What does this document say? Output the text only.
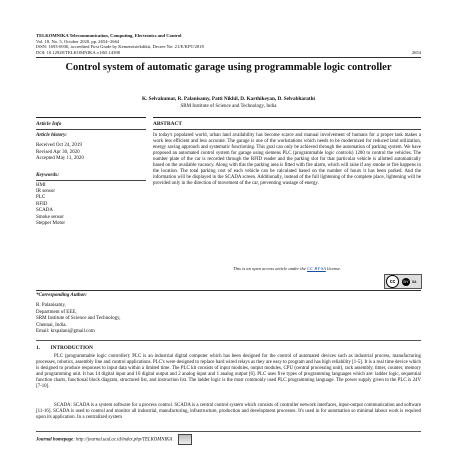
TELKOMNIKA Telecommunication, Computing, Electronics and Control
Vol. 18, No. 5, October 2020, pp. 2654~2664
ISSN: 1693-6930, accredited First Grade by Kemenristekdikti, Decree No: 21/E/KPT/2018
DOI: 10.12928/TELKOMNIKA.v18i5.14398	2654
Control system of automatic garage using programmable logic controller
K. Selvakumar, R. Palanisamy, Patti Nikhil, D. Karthikeyan, D. Selvabharathi
SRM Institute of Science and Technology, India
Article Info
Article history:
Received Oct 24, 2019
Revised Apr 30, 2020
Accepted May 11, 2020
Keywords:
HMI
IR sensor
PLC
RFID
SCADA
Smoke sensor
Stepper Motor
ABSTRACT
In today's populated world, urban land availability has become scarce and manual involvement of humans for a proper task makes a work less efficient and less accurate. The garage is one of the workstations which needs to be modernized for reduced land utilization, energy saving approach and systematic functioning. This goal can only be achieved through the automation of parking system. We have proposed an automated control system for garage using siemens PLC (programmable logic controls) 1200 to control the vehicles. The number plate of the car is recorded through the RFID reader and the parking slot for that particular vehicle is allotted automatically based on the available vacancy. Along with this the parking area is fitted with fire alarm, which will raise if any smoke or fire happens in the location. The total parking cost of each vehicle can be calculated based on the number of hours it has been parked. And the information will be displayed in the SCADA screen. Additionally, instead of the full lightening of the complete place, lightening will be provided only in the direction of movement of the car, preventing wastage of energy.
This is an open access article under the CC BY-SA license.
cc	BY	SA
*Corresponding Author:
R. Palanisamy,
Department of EEE,
SRM Institute of Science and Technology,
Chennai, India.
Email: krspalani@gmail.com
1.  INTRODUCTION
PLC (programmable logic controller): PLC is an industrial digital computer which has been designed for the control of automated devices such as industrial process, manufacturing processes, robotics, assembly line and control applications. PLC's were designed to replace hard wired relays as they are easy to program and has high reliability [1-5]. It is a real time device which is designed to produce responses to input data within a limited time. The PLC kit consists of input modules, output modules, CPU (central processing unit), rack assembly, timer, counter, memory and programming unit. It has 14 digital input and 10 digital output and 2 analog input and 1 analog output [6]. PLC uses five types of programming languages which are: ladder logic, sequential function charts, functional block diagram, structured list, and instruction list. The ladder logic is the most commonly used PLC programming language. The power supply given to the PLC is 24V [7-10].
SCADA: SCADA is a system software for a process control. SCADA is a central control system which consists of controller network interfaces, input-output communication and software [11-16]. SCADA is used to control and monitor all industrial, manufacturing, infrastructure, production and development processes. It's used in for automation so minimal labour work is required upon its application. In a centralized system
Journal homepage: http://journal.uad.ac.id/index.php/TELKOMNIKA
